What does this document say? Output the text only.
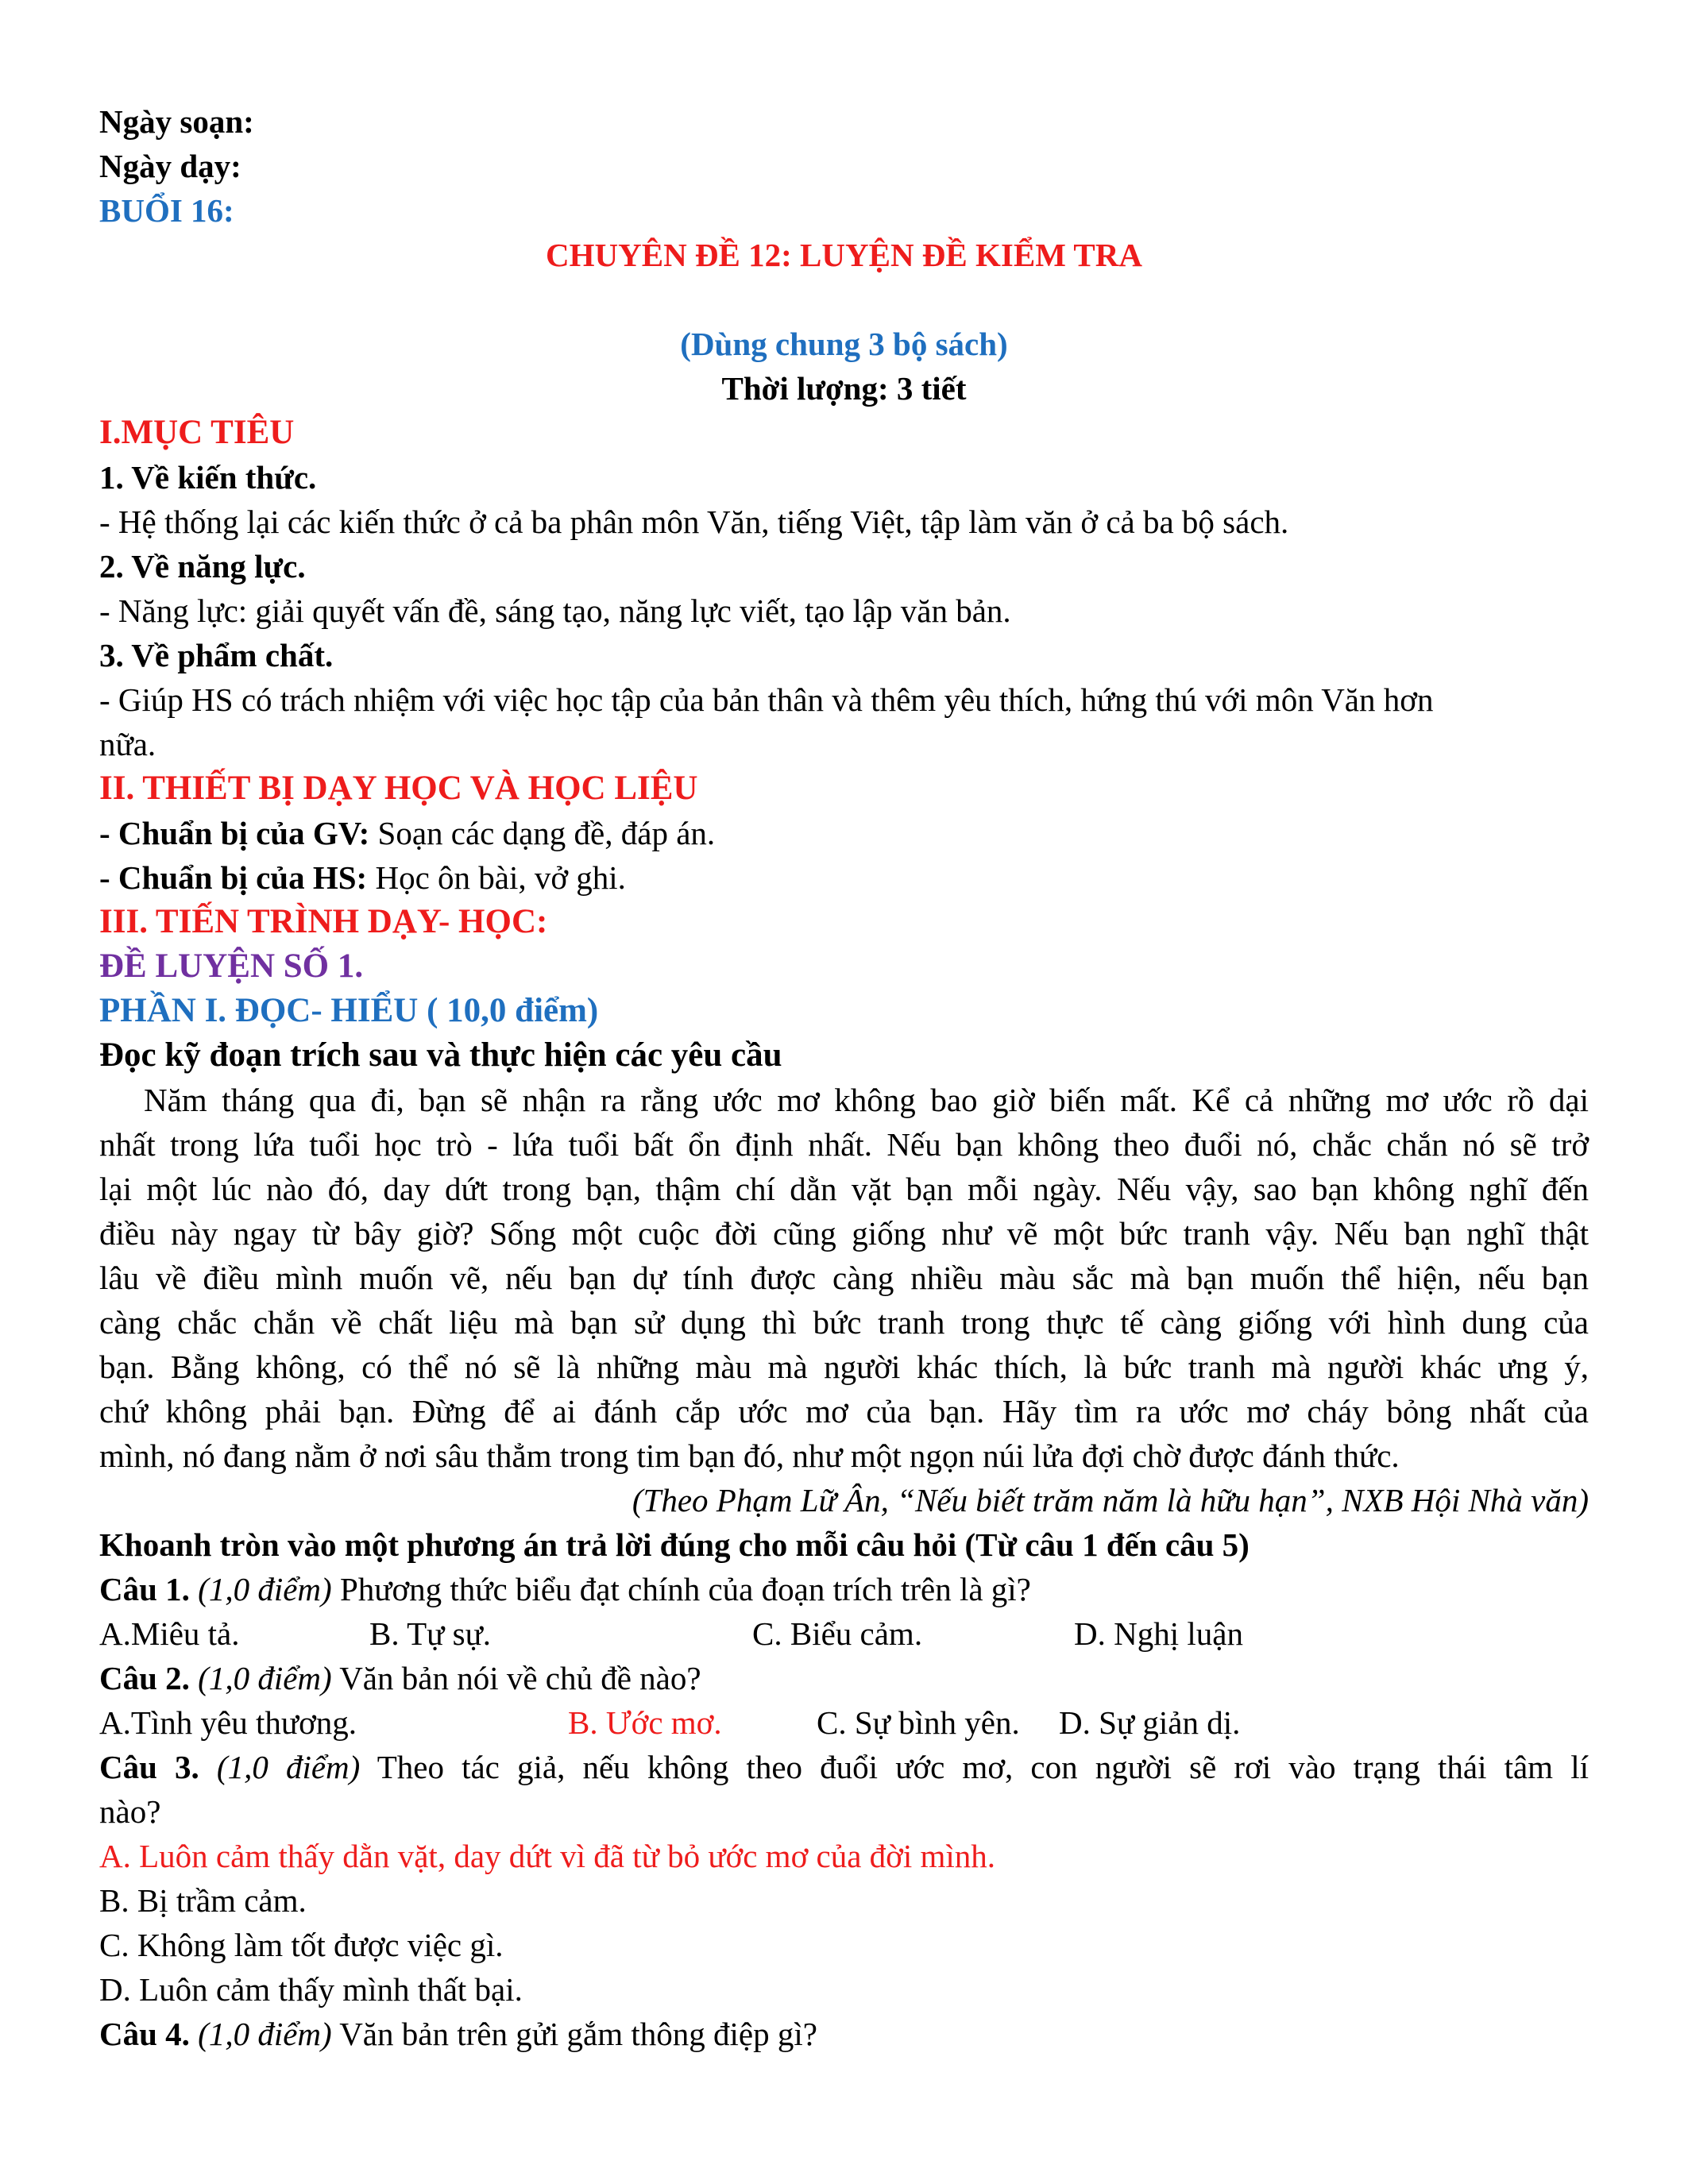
Ngày soạn:
Ngày dạy:
BUỔI 16:
CHUYÊN ĐỀ 12: LUYỆN ĐỀ KIỂM TRA
(Dùng chung 3 bộ sách)
Thời lượng: 3 tiết
I.MỤC TIÊU
1. Về kiến thức.
- Hệ thống lại các kiến thức ở cả ba phân môn Văn, tiếng Việt, tập làm văn ở cả ba bộ sách.
2. Về năng lực.
- Năng lực: giải quyết vấn đề, sáng tạo, năng lực viết, tạo lập văn bản.
3. Về phẩm chất.
- Giúp HS có trách nhiệm với việc học tập của bản thân và thêm yêu thích, hứng thú với môn Văn hơn
nữa.
II. THIẾT BỊ DẠY HỌC VÀ HỌC LIỆU
- Chuẩn bị của GV: Soạn các dạng đề, đáp án.
- Chuẩn bị của HS: Học ôn bài, vở ghi.
III. TIẾN TRÌNH DẠY- HỌC:
ĐỀ LUYỆN SỐ 1.
PHẦN I. ĐỌC- HIỂU ( 10,0 điểm)
Đọc kỹ đoạn trích sau và thực hiện các yêu cầu
Năm tháng qua đi, bạn sẽ nhận ra rằng ước mơ không bao giờ biến mất. Kể cả những mơ ước rồ dại
nhất trong lứa tuổi học trò - lứa tuổi bất ổn định nhất. Nếu bạn không theo đuổi nó, chắc chắn nó sẽ trở
lại một lúc nào đó, day dứt trong bạn, thậm chí dằn vặt bạn mỗi ngày. Nếu vậy, sao bạn không nghĩ đến
điều này ngay từ bây giờ? Sống một cuộc đời cũng giống như vẽ một bức tranh vậy. Nếu bạn nghĩ thật
lâu về điều mình muốn vẽ, nếu bạn dự tính được càng nhiều màu sắc mà bạn muốn thể hiện, nếu bạn
càng chắc chắn về chất liệu mà bạn sử dụng thì bức tranh trong thực tế càng giống với hình dung của
bạn. Bằng không, có thể nó sẽ là những màu mà người khác thích, là bức tranh mà người khác ưng ý,
chứ không phải bạn. Đừng để ai đánh cắp ước mơ của bạn. Hãy tìm ra ước mơ cháy bỏng nhất của
mình, nó đang nằm ở nơi sâu thẳm trong tim bạn đó, như một ngọn núi lửa đợi chờ được đánh thức.
(Theo Phạm Lữ Ân, “Nếu biết trăm năm là hữu hạn”, NXB Hội Nhà văn)
Khoanh tròn vào một phương án trả lời đúng cho mỗi câu hỏi (Từ câu 1 đến câu 5)
Câu 1. (1,0 điểm) Phương thức biểu đạt chính của đoạn trích trên là gì?
A.Miêu tả.	B. Tự sự.	C. Biểu cảm.	D. Nghị luận
Câu 2. (1,0 điểm) Văn bản nói về chủ đề nào?
A.Tình yêu thương.	B. Ước mơ.	C. Sự bình yên. D. Sự giản dị.
Câu 3. (1,0 điểm) Theo tác giả, nếu không theo đuổi ước mơ, con người sẽ rơi vào trạng thái tâm lí
nào?
A. Luôn cảm thấy dằn vặt, day dứt vì đã từ bỏ ước mơ của đời mình.
B. Bị trầm cảm.
C. Không làm tốt được việc gì.
D. Luôn cảm thấy mình thất bại.
Câu 4. (1,0 điểm) Văn bản trên gửi gắm thông điệp gì?
